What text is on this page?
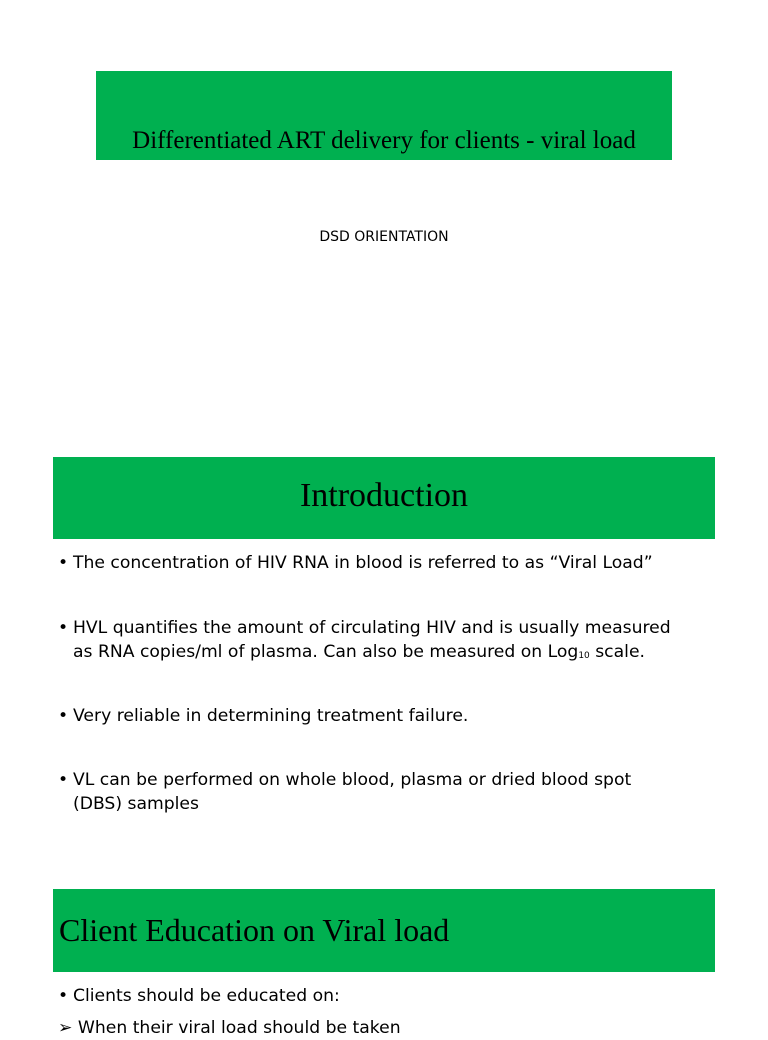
Differentiated ART delivery for clients - viral load
DSD ORIENTATION
Introduction
• The concentration of HIV RNA in blood is referred to as “Viral Load”
• HVL quantifies the amount of circulating HIV and is usually measured
as RNA copies/ml of plasma. Can also be measured on Log$_{10}$ scale.
• Very reliable in determining treatment failure.
• VL can be performed on whole blood, plasma or dried blood spot
(DBS) samples
Client Education on Viral load
• Clients should be educated on:
➢ When their viral load should be taken
